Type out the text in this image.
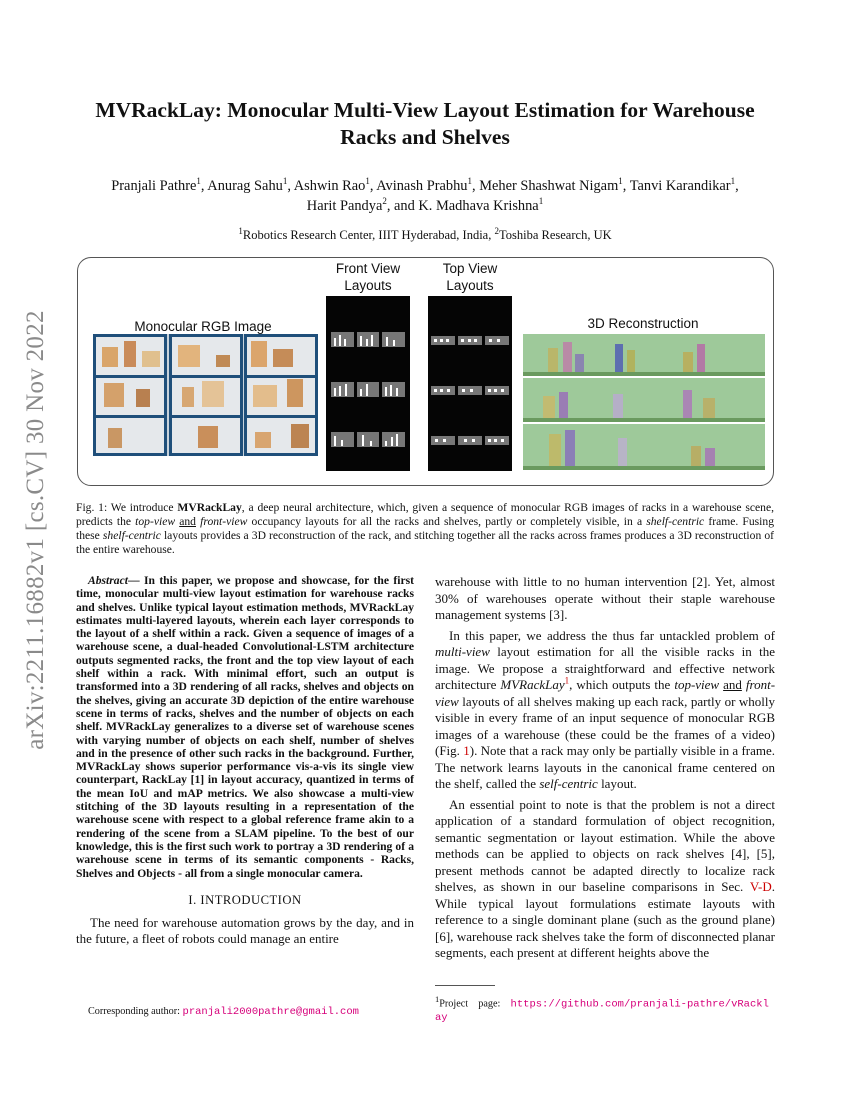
arXiv:2211.16882v1 [cs.CV] 30 Nov 2022
MVRackLay: Monocular Multi-View Layout Estimation for Warehouse Racks and Shelves
Pranjali Pathre$^1$, Anurag Sahu$^1$, Ashwin Rao$^1$, Avinash Prabhu$^1$, Meher Shashwat Nigam$^1$, Tanvi Karandikar$^1$,
Harit Pandya$^2$, and K. Madhava Krishna$^1$
$^1$Robotics Research Center, IIIT Hyderabad, India, $^2$Toshiba Research, UK
Monocular RGB Image
Front View Layouts
Top View Layouts
3D Reconstruction
Fig. 1: We introduce MVRackLay, a deep neural architecture, which, given a sequence of monocular RGB images of racks in a warehouse scene, predicts the top-view and front-view occupancy layouts for all the racks and shelves, partly or completely visible, in a shelf-centric frame. Fusing these shelf-centric layouts provides a 3D reconstruction of the rack, and stitching together all the racks across frames produces a 3D reconstruction of the entire warehouse.
Abstract— In this paper, we propose and showcase, for the first time, monocular multi-view layout estimation for warehouse racks and shelves. Unlike typical layout estimation methods, MVRackLay estimates multi-layered layouts, wherein each layer corresponds to the layout of a shelf within a rack. Given a sequence of images of a warehouse scene, a dual-headed Convolutional-LSTM architecture outputs segmented racks, the front and the top view layout of each shelf within a rack. With minimal effort, such an output is transformed into a 3D rendering of all racks, shelves and objects on the shelves, giving an accurate 3D depiction of the entire warehouse scene in terms of racks, shelves and the number of objects on each shelf. MVRackLay generalizes to a diverse set of warehouse scenes with varying number of objects on each shelf, number of shelves and in the presence of other such racks in the background. Further, MVRackLay shows superior performance vis-a-vis its single view counterpart, RackLay [1] in layout accuracy, quantized in terms of the mean IoU and mAP metrics. We also showcase a multi-view stitching of the 3D layouts resulting in a representation of the warehouse scene with respect to a global reference frame akin to a rendering of the scene from a SLAM pipeline. To the best of our knowledge, this is the first such work to portray a 3D rendering of a warehouse scene in terms of its semantic components - Racks, Shelves and Objects - all from a single monocular camera.
I. INTRODUCTION

The need for warehouse automation grows by the day, and in the future, a fleet of robots could manage an entire

warehouse with little to no human intervention [2]. Yet, almost 30% of warehouses operate without their staple warehouse management systems [3].

In this paper, we address the thus far untackled problem of multi-view layout estimation for all the visible racks in the image. We propose a straightforward and effective network architecture MVRackLay$^1$, which outputs the top-view and front-view layouts of all shelves making up each rack, partly or wholly visible in every frame of an input sequence of monocular RGB images of a warehouse (these could be the frames of a video) (Fig. 1). Note that a rack may only be partially visible in a frame. The network learns layouts in the canonical frame centered on the shelf, called the self-centric layout.

An essential point to note is that the problem is not a direct application of a standard formulation of object recognition, semantic segmentation or layout estimation. While the above methods can be applied to objects on rack shelves [4], [5], present methods cannot be adapted directly to localize rack shelves, as shown in our baseline comparisons in Sec. V-D. While typical layout formulations estimate layouts with reference to a single dominant plane (such as the ground plane) [6], warehouse rack shelves take the form of disconnected planar segments, each present at different heights above the

Corresponding author: pranjali2000pathre@gmail.com
$^1$Project    page:    https://github.com/pranjali-pathre/vRacklay
